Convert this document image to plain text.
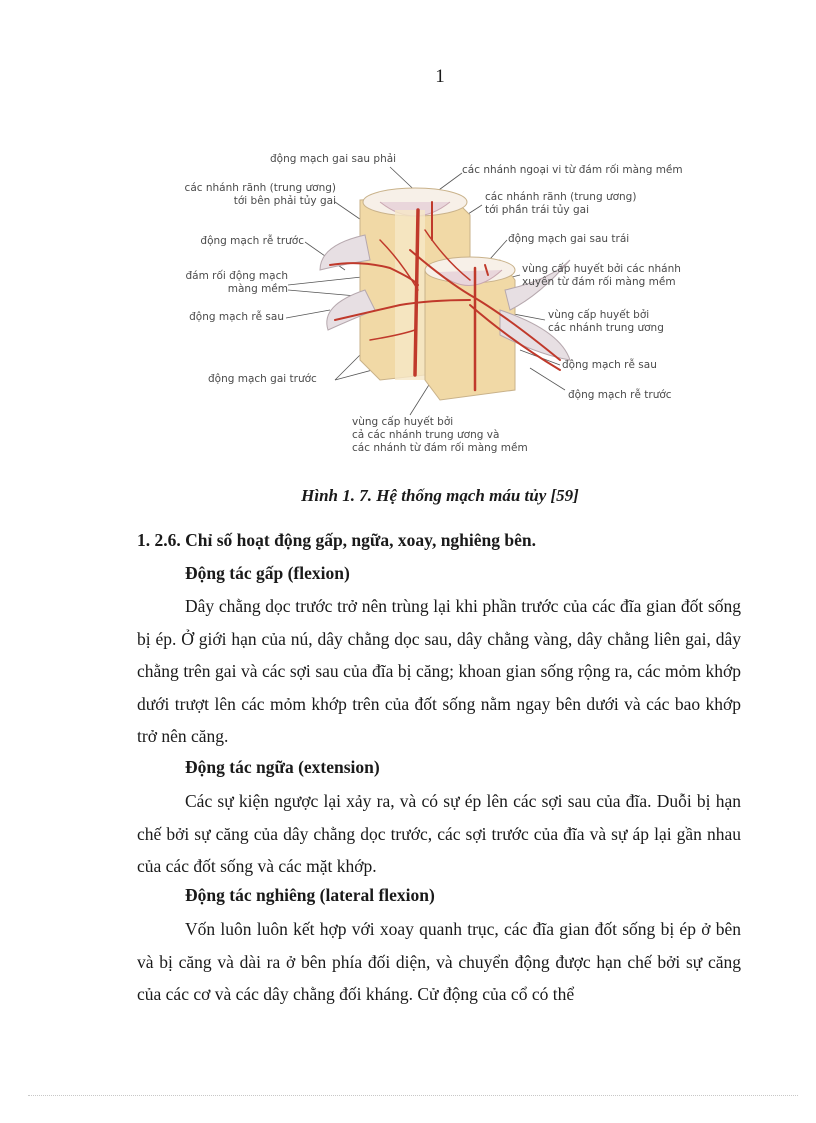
1
động mạch gai sau phải
các nhánh ngoại vi từ đám rối màng mềm
các nhánh rãnh (trung ương)
tới bên phải tủy gai	các nhánh rãnh (trung ương)
tới phần trái tủy gai
động mạch rễ trước	động mạch gai sau trái
đám rối động mạch
màng mềm
vùng cấp huyết bởi các nhánh
xuyên từ đám rối màng mềm
động mạch rễ sau	vùng cấp huyết bởi
các nhánh trung ương
động mạch rễ sau
động mạch gai trước
động mạch rễ trước
vùng cấp huyết bởi
cả các nhánh trung ương và
các nhánh từ đám rối màng mềm
Hình 1. 7. Hệ thống mạch máu tủy [59]
1. 2.6. Chỉ số hoạt động gấp, ngữa, xoay, nghiêng bên.
Động tác gấp (flexion)

Dây chằng dọc trước trở nên trùng lại khi phần trước của các đĩa gian đốt sống bị ép. Ở giới hạn của nú, dây chằng dọc sau, dây chằng vàng, dây chằng liên gai, dây chằng trên gai và các sợi sau của đĩa bị căng; khoan gian sống rộng ra, các mỏm khớp dưới trượt lên các mỏm khớp trên của đốt sống nằm ngay bên dưới và các bao khớp trở nên căng.

Động tác ngữa (extension)

Các sự kiện ngược lại xảy ra, và có sự ép lên các sợi sau của đĩa. Duỗi bị hạn chế bởi sự căng của dây chằng dọc trước, các sợi trước của đĩa và sự áp lại gần nhau của các đốt sống và các mặt khớp.

Động tác nghiêng (lateral flexion)

Vốn luôn luôn kết hợp với xoay quanh trục, các đĩa gian đốt sống bị ép ở bên và bị căng và dài ra ở bên phía đối diện, và chuyển động được hạn chế bởi sự căng của các cơ và các dây chằng đối kháng. Cử động của cổ có thể
